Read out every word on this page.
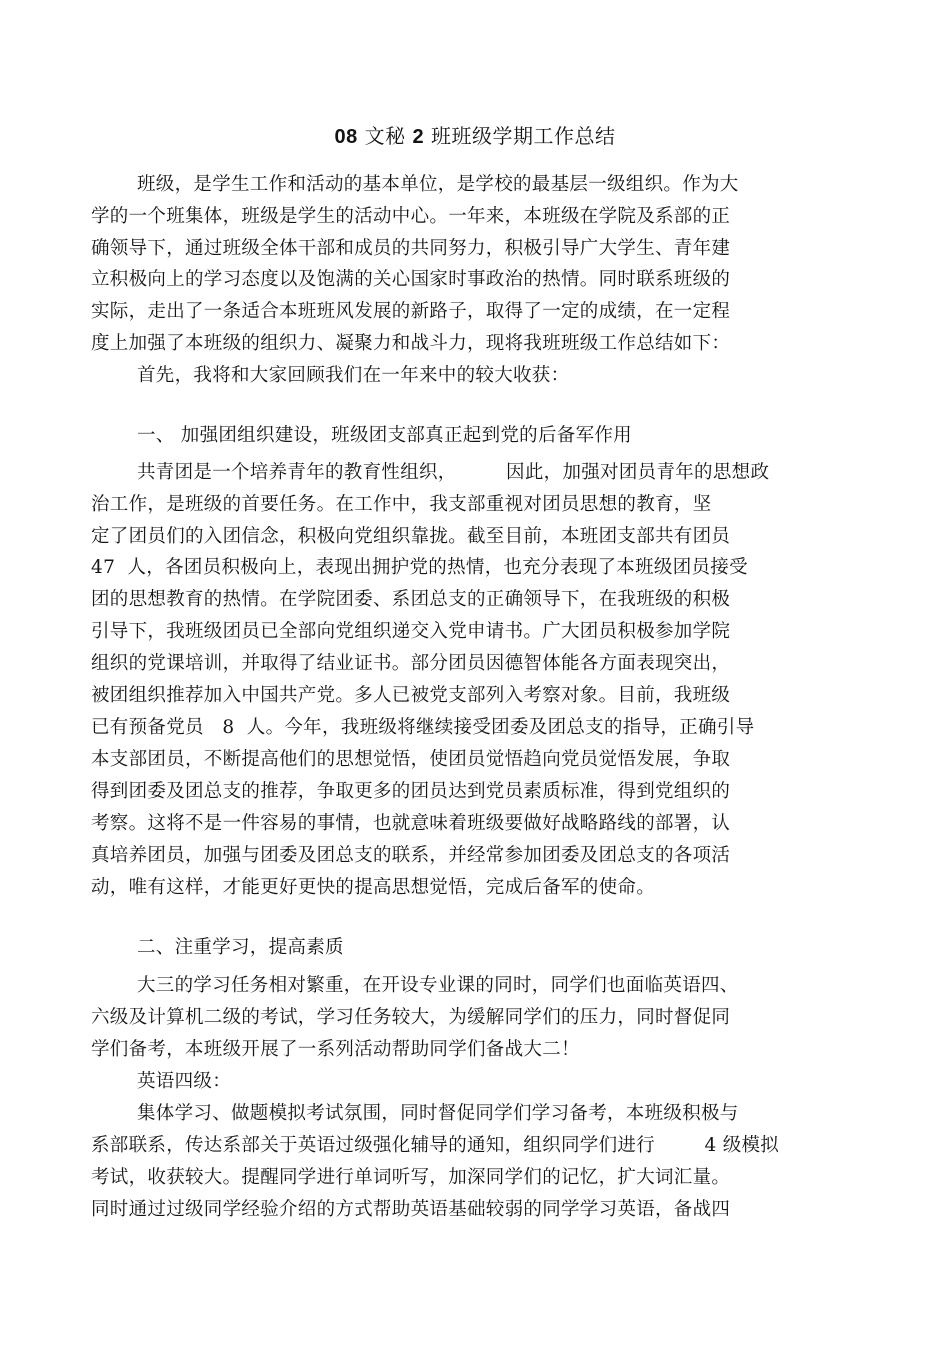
08 文秘 2 班班级学期工作总结
班级，是学生工作和活动的基本单位，是学校的最基层一级组织。作为大
学的一个班集体，班级是学生的活动中心。一年来，本班级在学院及系部的正
确领导下，通过班级全体干部和成员的共同努力，积极引导广大学生、青年建
立积极向上的学习态度以及饱满的关心国家时事政治的热情。同时联系班级的
实际，走出了一条适合本班班风发展的新路子，取得了一定的成绩，在一定程
度上加强了本班级的组织力、凝聚力和战斗力，现将我班班级工作总结如下：
首先，我将和大家回顾我们在一年来中的较大收获：
一、 加强团组织建设，班级团支部真正起到党的后备军作用
共青团是一个培养青年的教育性组织，        因此，加强对团员青年的思想政
治工作，是班级的首要任务。在工作中，我支部重视对团员思想的教育，坚
定了团员们的入团信念，积极向党组织靠拢。截至目前，本班团支部共有团员
47  人，各团员积极向上，表现出拥护党的热情，也充分表现了本班级团员接受
团的思想教育的热情。在学院团委、系团总支的正确领导下，在我班级的积极
引导下，我班级团员已全部向党组织递交入党申请书。广大团员积极参加学院
组织的党课培训，并取得了结业证书。部分团员因德智体能各方面表现突出，
被团组织推荐加入中国共产党。多人已被党支部列入考察对象。目前，我班级
已有预备党员   8  人。今年，我班级将继续接受团委及团总支的指导，正确引导
本支部团员，不断提高他们的思想觉悟，使团员觉悟趋向党员觉悟发展，争取
得到团委及团总支的推荐，争取更多的团员达到党员素质标准，得到党组织的
考察。这将不是一件容易的事情，也就意味着班级要做好战略路线的部署，认
真培养团员，加强与团委及团总支的联系，并经常参加团委及团总支的各项活
动，唯有这样，才能更好更快的提高思想觉悟，完成后备军的使命。
二、注重学习，提高素质
大三的学习任务相对繁重，在开设专业课的同时，同学们也面临英语四、
六级及计算机二级的考试，学习任务较大，为缓解同学们的压力，同时督促同
学们备考，本班级开展了一系列活动帮助同学们备战大二！
英语四级：
集体学习、做题模拟考试氛围，同时督促同学们学习备考，本班级积极与
系部联系，传达系部关于英语过级强化辅导的通知，组织同学们进行        4 级模拟
考试，收获较大。提醒同学进行单词听写，加深同学们的记忆，扩大词汇量。
同时通过过级同学经验介绍的方式帮助英语基础较弱的同学学习英语，备战四
